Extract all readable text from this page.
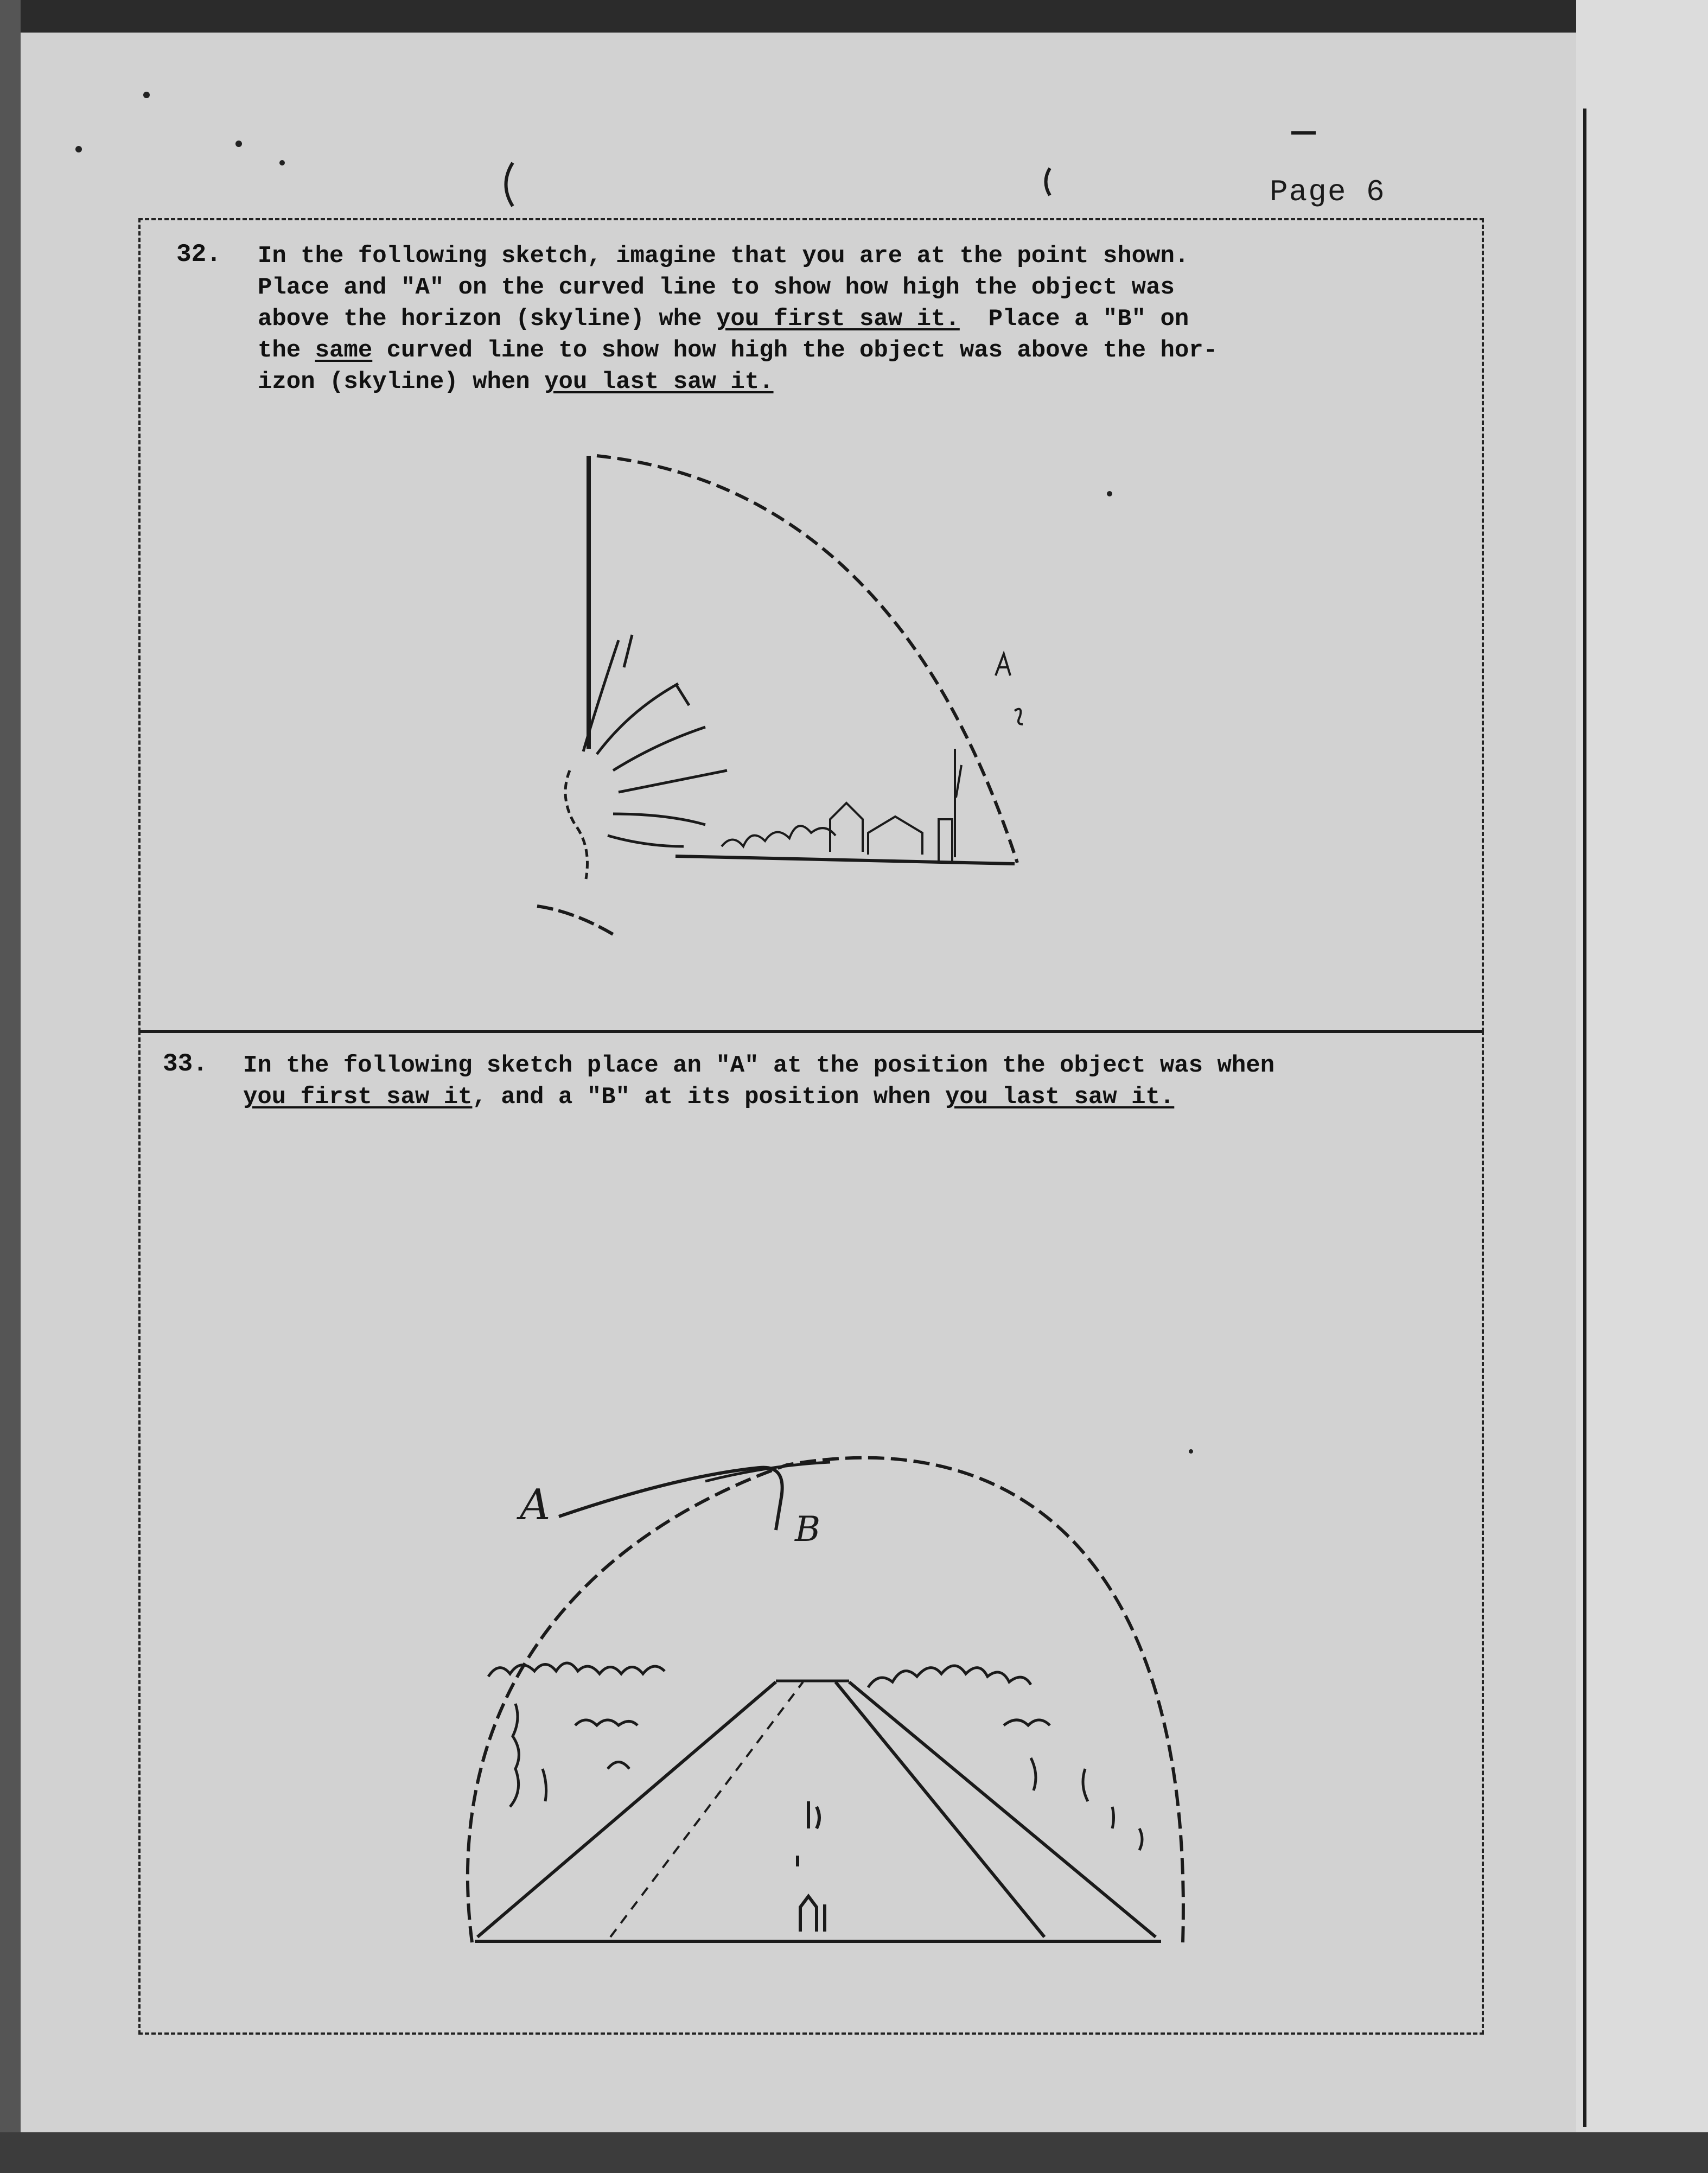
Page 6
32. In the following sketch, imagine that you are at the point shown.
Place and "A" on the curved line to show how high the object was
above the horizon (skyline) whe you first saw it.  Place a "B" on
the same curved line to show how high the object was above the hor-
izon (skyline) when you last saw it.
33. In the following sketch place an "A" at the position the object was when
you first saw it, and a "B" at its position when you last saw it.
A	B
